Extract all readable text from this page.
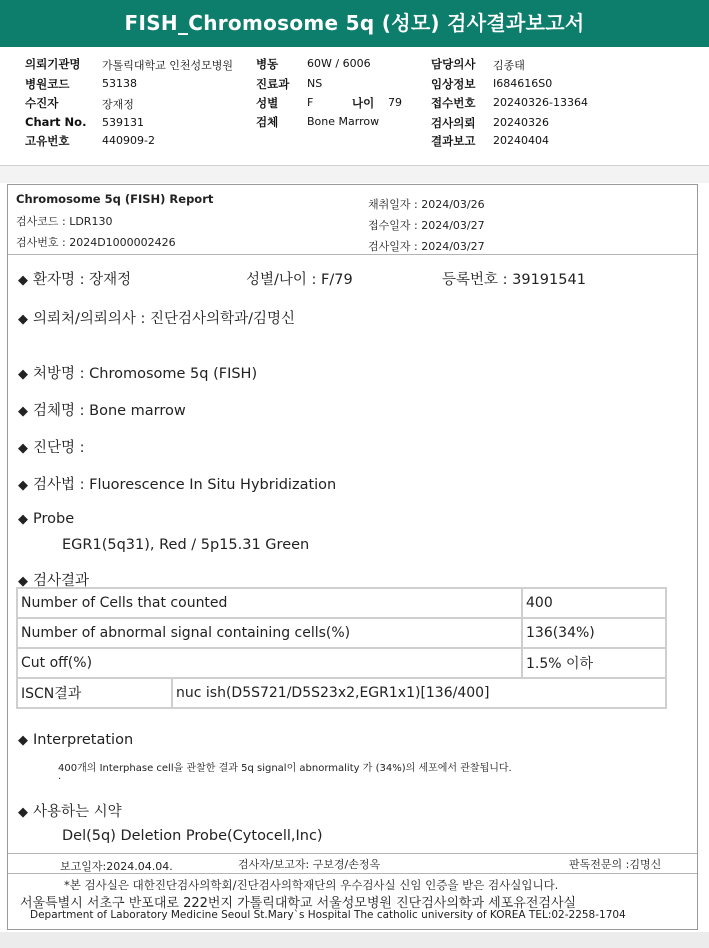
FISH_Chromosome 5q (성모) 검사결과보고서
의뢰기관명 가톨릭대학교 인천성모병원
병원코드	53138
수진자	장재정
Chart No. 539131
고유번호	440909-2
병동	60W / 6006
진료과 NS
성별	F	나이 79
검체	Bone Marrow
담당의사 김종태
임상정보 I684616S0
접수번호 20240326-13364
검사의뢰 20240326
결과보고 20240404
Chromosome 5q (FISH) Report
검사코드 : LDR130
검사번호 : 2024D1000002426
채취일자 : 2024/03/26
접수일자 : 2024/03/27
검사일자 : 2024/03/27
◆ 환자명 : 장재정	성별/나이 : F/79	등록번호 : 39191541
◆ 의뢰처/의뢰의사 : 진단검사의학과/김명신
◆ 처방명 : Chromosome 5q (FISH)
◆ 검체명 : Bone marrow
◆ 진단명 :
◆ 검사법 : Fluorescence In Situ Hybridization
◆ Probe
EGR1(5q31), Red / 5p15.31 Green
◆ 검사결과
Number of Cells that counted		400
Number of abnormal signal containing cells(%)		136(34%)
Cut off(%)		1.5% 이하
ISCN결과	nuc ish(D5S721/D5S23x2,EGR1x1)[136/400]	
◆ Interpretation
400개의 Interphase cell을 관찰한 결과 5q signal이 abnormality 가 (34%)의 세포에서 관찰됩니다.
.
◆ 사용하는 시약
Del(5q) Deletion Probe(Cytocell,Inc)
보고일자:2024.04.04.	검사자/보고자: 구보경/손정옥	판독전문의 :김명신
*본 검사실은 대한진단검사의학회/진단검사의학재단의 우수검사실 신임 인증을 받은 검사실입니다.
서울특별시 서초구 반포대로 222번지 가톨릭대학교 서울성모병원 진단검사의학과 세포유전검사실
Department of Laboratory Medicine Seoul St.Mary`s Hospital The catholic university of KOREA TEL:02-2258-1704
